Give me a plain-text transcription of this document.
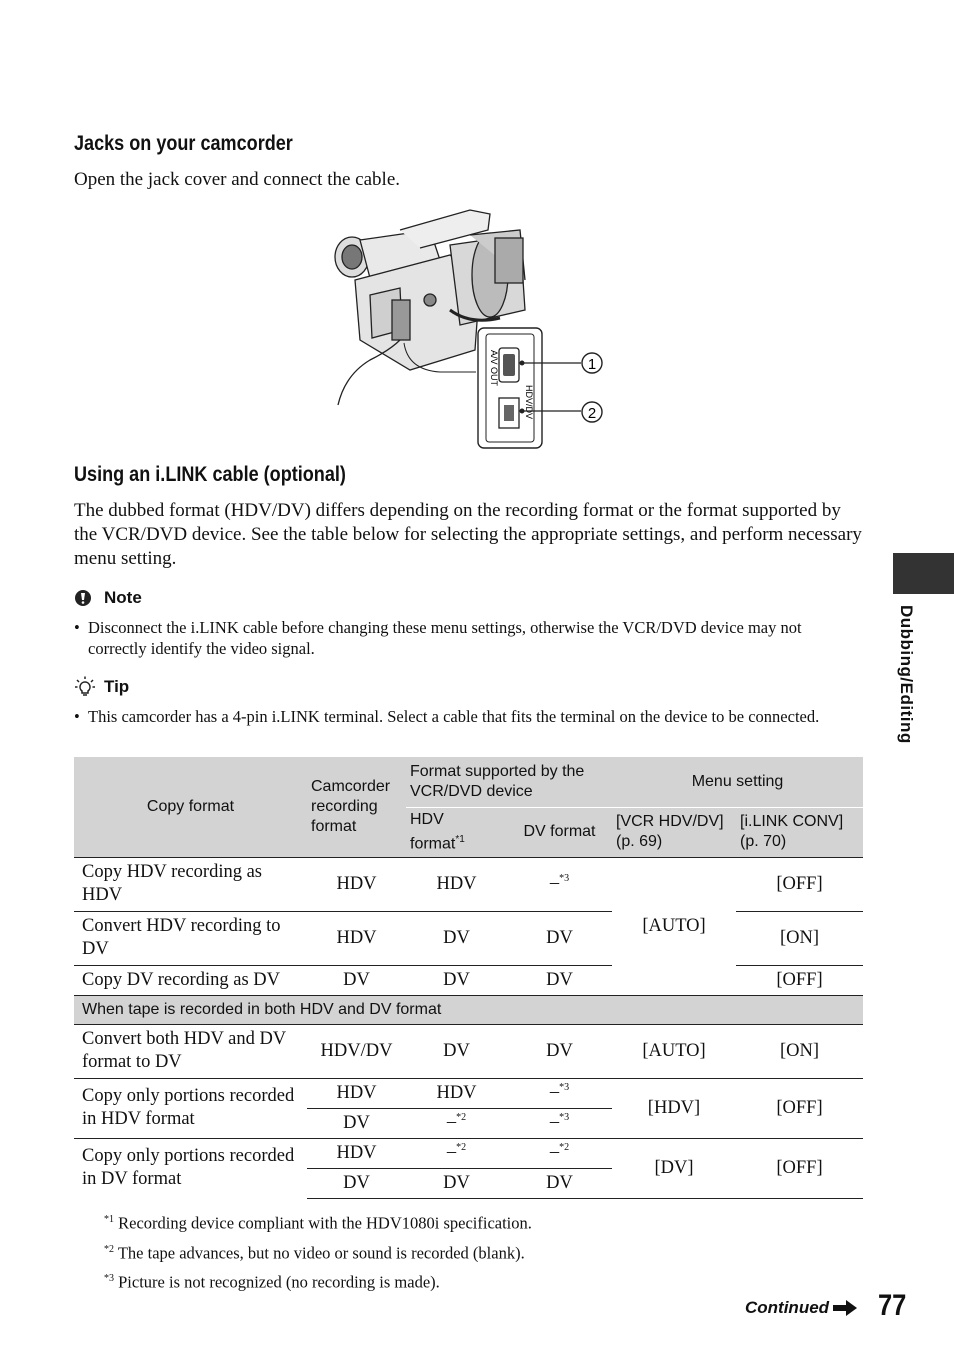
Jacks on your camcorder
Open the jack cover and connect the cable.
A/V OUT
HDV/DV
1
2
Using an i.LINK cable (optional)
The dubbed format (HDV/DV) differs depending on the recording format or the format supported by the VCR/DVD device. See the table below for selecting the appropriate settings, and perform necessary menu setting.
Note
• Disconnect the i.LINK cable before changing these menu settings, otherwise the VCR/DVD device may not correctly identify the video signal.
Tip
• This camcorder has a 4-pin i.LINK terminal. Select a cable that fits the terminal on the device to be connected.
Copy format	Camcorder recording format	Format supported by the VCR/DVD device		Menu setting	
		HDV format$^{*1}$	DV format	[VCR HDV/DV] (p. 69)	[i.LINK CONV] (p. 70)
Copy HDV recording as HDV	HDV	HDV	–$^{*3}$	[AUTO]	[OFF]
Convert HDV recording to DV	HDV	DV	DV		[ON]
Copy DV recording as DV	DV	DV	DV		[OFF]
When tape is recorded in both HDV and DV format					
Convert both HDV and DV format to DV	HDV/DV	DV	DV	[AUTO]	[ON]
Copy only portions recorded in HDV format	HDV	HDV	–$^{*3}$	[HDV]	[OFF]
	DV	–$^{*2}$	–$^{*3}$
Copy only portions recorded in DV format	HDV	–$^{*2}$	–$^{*2}$	[DV]	[OFF]
	DV	DV	DV		
$^{*1}$ Recording device compliant with the HDV1080i specification.
$^{*2}$ The tape advances, but no video or sound is recorded (blank).
$^{*3}$ Picture is not recognized (no recording is made).
Dubbing/Editing
Continued 77
